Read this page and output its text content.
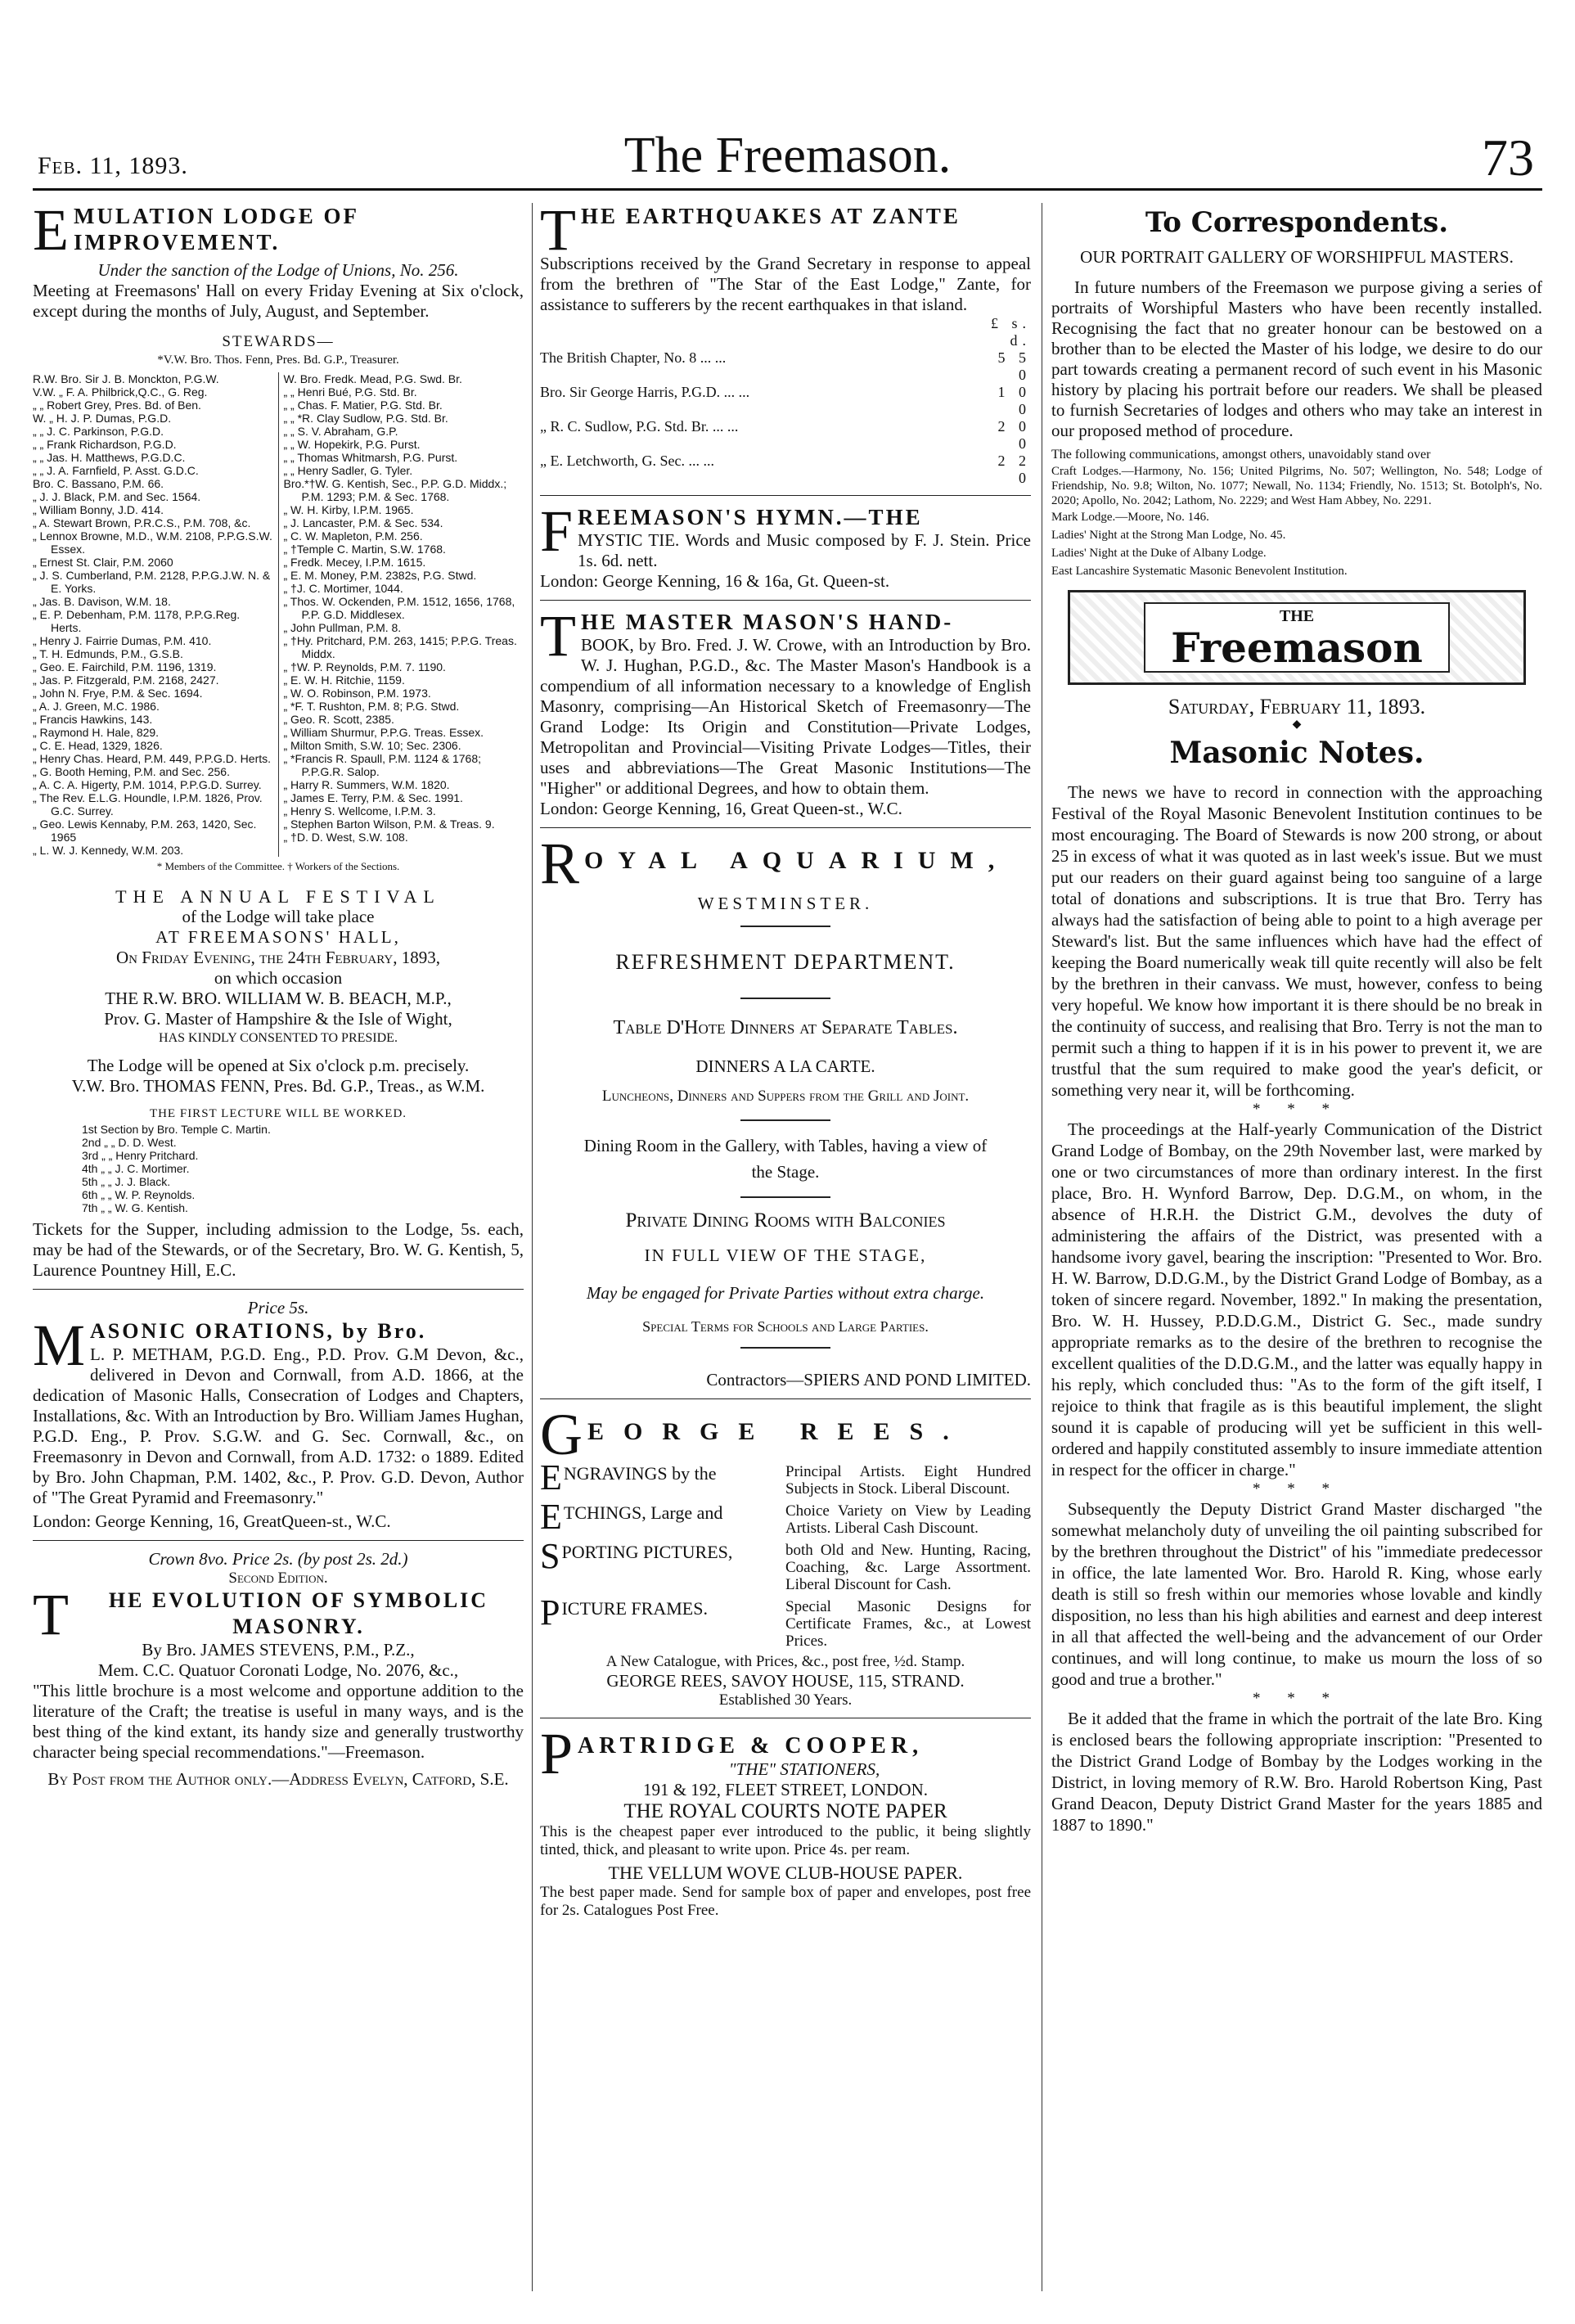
Feb. 11, 1893.	The Freemason.	73
E MULATION LODGE OF IMPROVEMENT.

Under the sanction of the Lodge of Unions, No. 256.

Meeting at Freemasons' Hall on every Friday Evening at Six o'clock, except during the months of July, August, and September.

STEWARDS—

*V.W. Bro. Thos. Fenn, Pres. Bd. G.P., Treasurer.

R.W. Bro. Sir J. B. Monckton, P.G.W.
V.W. „ F. A. Philbrick,Q.C., G. Reg.
„ „ Robert Grey, Pres. Bd. of Ben.
W. „ H. J. P. Dumas, P.G.D.
„ „ J. C. Parkinson, P.G.D.
„ „ Frank Richardson, P.G.D.
„ „ Jas. H. Matthews, P.G.D.C.
„ „ J. A. Farnfield, P. Asst. G.D.C.
Bro. C. Bassano, P.M. 66.
„ J. J. Black, P.M. and Sec. 1564.
„ William Bonny, J.D. 414.
„ A. Stewart Brown, P.R.C.S., P.M. 708, &c.
„ Lennox Browne, M.D., W.M. 2108, P.P.G.S.W. Essex.
„ Ernest St. Clair, P.M. 2060
„ J. S. Cumberland, P.M. 2128, P.P.G.J.W. N. & E. Yorks.
„ Jas. B. Davison, W.M. 18.
„ E. P. Debenham, P.M. 1178, P.P.G.Reg. Herts.
„ Henry J. Fairrie Dumas, P.M. 410.
„ T. H. Edmunds, P.M., G.S.B.
„ Geo. E. Fairchild, P.M. 1196, 1319.
„ Jas. P. Fitzgerald, P.M. 2168, 2427.
„ John N. Frye, P.M. & Sec. 1694.
„ A. J. Green, M.C. 1986.
„ Francis Hawkins, 143.
„ Raymond H. Hale, 829.
„ C. E. Head, 1329, 1826.
„ Henry Chas. Heard, P.M. 449, P.P.G.D. Herts.
„ G. Booth Heming, P.M. and Sec. 256.
„ A. C. A. Higerty, P.M. 1014, P.P.G.D. Surrey.
„ The Rev. E.L.G. Houndle, I.P.M. 1826, Prov. G.C. Surrey.
„ Geo. Lewis Kennaby, P.M. 263, 1420, Sec. 1965
„ L. W. J. Kennedy, W.M. 203.
W. Bro. Fredk. Mead, P.G. Swd. Br.
„ „ Henri Bué, P.G. Std. Br.
„ „ Chas. F. Matier, P.G. Std. Br.
„ „ *R. Clay Sudlow, P.G. Std. Br.
„ „ S. V. Abraham, G.P.
„ „ W. Hopekirk, P.G. Purst.
„ „ Thomas Whitmarsh, P.G. Purst.
„ „ Henry Sadler, G. Tyler.
Bro.*†W. G. Kentish, Sec., P.P. G.D. Middx.; P.M. 1293; P.M. & Sec. 1768.
„ W. H. Kirby, I.P.M. 1965.
„ J. Lancaster, P.M. & Sec. 534.
„ C. W. Mapleton, P.M. 256.
„ †Temple C. Martin, S.W. 1768.
„ Fredk. Mecey, I.P.M. 1615.
„ E. M. Money, P.M. 2382s, P.G. Stwd.
„ †J. C. Mortimer, 1044.
„ Thos. W. Ockenden, P.M. 1512, 1656, 1768, P.P. G.D. Middlesex.
„ John Pullman, P.M. 8.
„ †Hy. Pritchard, P.M. 263, 1415; P.P.G. Treas. Middx.
„ †W. P. Reynolds, P.M. 7. 1190.
„ E. W. H. Ritchie, 1159.
„ W. O. Robinson, P.M. 1973.
„ *F. T. Rushton, P.M. 8; P.G. Stwd.
„ Geo. R. Scott, 2385.
„ William Shurmur, P.P.G. Treas. Essex.
„ Milton Smith, S.W. 10; Sec. 2306.
„ *Francis R. Spaull, P.M. 1124 & 1768; P.P.G.R. Salop.
„ Harry R. Summers, W.M. 1820.
„ James E. Terry, P.M. & Sec. 1991.
„ Henry S. Wellcome, I.P.M. 3.
„ Stephen Barton Wilson, P.M. & Treas. 9.
„ †D. D. West, S.W. 108.

* Members of the Committee. † Workers of the Sections.

THE ANNUAL FESTIVAL

of the Lodge will take place

AT FREEMASONS' HALL,

On Friday Evening, the 24th February, 1893,

on which occasion

THE R.W. BRO. WILLIAM W. B. BEACH, M.P.,

Prov. G. Master of Hampshire & the Isle of Wight,

HAS KINDLY CONSENTED TO PRESIDE.

The Lodge will be opened at Six o'clock p.m. precisely.

V.W. Bro. THOMAS FENN, Pres. Bd. G.P., Treas., as W.M.

THE FIRST LECTURE WILL BE WORKED.

1st Section by Bro. Temple C. Martin.
2nd „ „ D. D. West.
3rd „ „ Henry Pritchard.
4th „ „ J. C. Mortimer.
5th „ „ J. J. Black.
6th „ „ W. P. Reynolds.
7th „ „ W. G. Kentish.

Tickets for the Supper, including admission to the Lodge, 5s. each, may be had of the Stewards, or of the Secretary, Bro. W. G. Kentish, 5, Laurence Pountney Hill, E.C.

Price 5s.

M ASONIC ORATIONS, by Bro.

L. P. METHAM, P.G.D. Eng., P.D. Prov. G.M Devon, &c., delivered in Devon and Cornwall, from A.D. 1866, at the dedication of Masonic Halls, Consecration of Lodges and Chapters, Installations, &c. With an Introduction by Bro. William James Hughan, P.G.D. Eng., P. Prov. S.G.W. and G. Sec. Cornwall, &c., on Freemasonry in Devon and Cornwall, from A.D. 1732: o 1889. Edited by Bro. John Chapman, P.M. 1402, &c., P. Prov. G.D. Devon, Author of "The Great Pyramid and Freemasonry."

London: George Kenning, 16, GreatQueen-st., W.C.

Crown 8vo. Price 2s. (by post 2s. 2d.)

Second Edition.

T	HE EVOLUTION OF SYMBOLIC MASONRY.

By Bro. JAMES STEVENS, P.M., P.Z.,

Mem. C.C. Quatuor Coronati Lodge, No. 2076, &c.,

"This little brochure is a most welcome and opportune addition to the literature of the Craft; the treatise is useful in many ways, and is the best thing of the kind extant, its handy size and generally trustworthy character being special recommendations."—Freemason.

By Post from the Author only.—Address Evelyn, Catford, S.E.

T HE EARTHQUAKES AT ZANTE

Subscriptions received by the Grand Secretary in response to appeal from the brethren of "The Star of the East Lodge," Zante, for assistance to sufferers by the recent earthquakes in that island.

£ s. d.
The British Chapter, No. 8 ... ...	5 5 0
Bro. Sir George Harris, P.G.D. ... ...	1 0 0
„ R. C. Sudlow, P.G. Std. Br. ... ...	2 0 0
„ E. Letchworth, G. Sec. ... ...	2 2 0
F REEMASON'S HYMN.—THE

MYSTIC TIE. Words and Music composed by F. J. Stein. Price 1s. 6d. nett.

London: George Kenning, 16 & 16a, Gt. Queen-st.

T HE MASTER MASON'S HAND-

BOOK, by Bro. Fred. J. W. Crowe, with an Introduction by Bro. W. J. Hughan, P.G.D., &c. The Master Mason's Handbook is a compendium of all information necessary to a knowledge of English Masonry, comprising—An Historical Sketch of Freemasonry—The Grand Lodge: Its Origin and Constitution—Private Lodges, Metropolitan and Provincial—Visiting Private Lodges—Titles, their uses and abbreviations—The Great Masonic Institutions—The "Higher" or additional Degrees, and how to obtain them.

London: George Kenning, 16, Great Queen-st., W.C.

R OYAL AQUARIUM,

WESTMINSTER.

REFRESHMENT DEPARTMENT.

Table D'Hote Dinners at Separate Tables.

DINNERS A LA CARTE.

Luncheons, Dinners and Suppers from the Grill and Joint.

Dining Room in the Gallery, with Tables, having a view of the Stage.

Private Dining Rooms with Balconies

IN FULL VIEW OF THE STAGE,

May be engaged for Private Parties without extra charge.

Special Terms for Schools and Large Parties.

Contractors—SPIERS AND POND LIMITED.

G EORGE REES.
ENGRAVINGS by the	Principal Artists. Eight Hundred Subjects in Stock. Liberal Discount.
ETCHINGS, Large and	Choice Variety on View by Leading Artists. Liberal Cash Discount.
SPORTING PICTURES,	both Old and New. Hunting, Racing, Coaching, &c. Large Assortment. Liberal Discount for Cash.
PICTURE FRAMES.	Special Masonic Designs for Certificate Frames, &c., at Lowest Prices.

A New Catalogue, with Prices, &c., post free, ½d. Stamp.

GEORGE REES, SAVOY HOUSE, 115, STRAND.

Established 30 Years.

P ARTRIDGE & COOPER,

"THE" STATIONERS,

191 & 192, FLEET STREET, LONDON.

THE ROYAL COURTS NOTE PAPER

This is the cheapest paper ever introduced to the public, it being slightly tinted, thick, and pleasant to write upon. Price 4s. per ream.

THE VELLUM WOVE CLUB-HOUSE PAPER.

The best paper made. Send for sample box of paper and envelopes, post free for 2s. Catalogues Post Free.

To Correspondents.

OUR PORTRAIT GALLERY OF WORSHIPFUL MASTERS.

In future numbers of the Freemason we purpose giving a series of portraits of Worshipful Masters who have been recently installed. Recognising the fact that no greater honour can be bestowed on a brother than to be elected the Master of his lodge, we desire to do our part towards creating a permanent record of such event in his Masonic history by placing his portrait before our readers. We shall be pleased to furnish Secretaries of lodges and others who may take an interest in our proposed method of procedure.

The following communications, amongst others, unavoidably stand over

Craft Lodges.—Harmony, No. 156; United Pilgrims, No. 507; Wellington, No. 548; Lodge of Friendship, No. 9.8; Wilton, No. 1077; Newall, No. 1134; Friendly, No. 1513; St. Botolph's, No. 2020; Apollo, No. 2042; Lathom, No. 2229; and West Ham Abbey, No. 2291.

Mark Lodge.—Moore, No. 146.

Ladies' Night at the Strong Man Lodge, No. 45.

Ladies' Night at the Duke of Albany Lodge.

East Lancashire Systematic Masonic Benevolent Institution.

THE
Freemason

Saturday, February 11, 1893.

◆

Masonic Notes.

The news we have to record in connection with the approaching Festival of the Royal Masonic Benevolent Institution continues to be most encouraging. The Board of Stewards is now 200 strong, or about 25 in excess of what it was quoted as in last week's issue. But we must put our readers on their guard against being too sanguine of a large total of donations and subscriptions. It is true that Bro. Terry has always had the satisfaction of being able to point to a high average per Steward's list. But the same influences which have had the effect of keeping the Board numerically weak till quite recently will also be felt by the brethren in their canvass. We must, however, confess to being very hopeful. We know how important it is there should be no break in the continuity of success, and realising that Bro. Terry is not the man to permit such a thing to happen if it is in his power to prevent it, we are trustful that the sum required to make good the year's deficit, or something very near it, will be forthcoming.

* * *

The proceedings at the Half-yearly Communication of the District Grand Lodge of Bombay, on the 29th November last, were marked by one or two circumstances of more than ordinary interest. In the first place, Bro. H. Wynford Barrow, Dep. D.G.M., on whom, in the absence of H.R.H. the District G.M., devolves the duty of administering the affairs of the District, was presented with a handsome ivory gavel, bearing the inscription: "Presented to Wor. Bro. H. W. Barrow, D.D.G.M., by the District Grand Lodge of Bombay, as a token of sincere regard. November, 1892." In making the presentation, Bro. W. H. Hussey, P.D.D.G.M., District G. Sec., made sundry appropriate remarks as to the desire of the brethren to recognise the excellent qualities of the D.D.G.M., and the latter was equally happy in his reply, which concluded thus: "As to the form of the gift itself, I rejoice to think that fragile as is this beautiful implement, the slight sound it is capable of producing will yet be sufficient in this well-ordered and happily constituted assembly to insure immediate attention in respect for the officer in charge."

* * *

Subsequently the Deputy District Grand Master discharged "the somewhat melancholy duty of unveiling the oil painting subscribed for by the brethren throughout the District" of his "immediate predecessor in office, the late lamented Wor. Bro. Harold R. King, whose early death is still so fresh within our memories whose lovable and kindly disposition, no less than his high abilities and earnest and deep interest in all that affected the well-being and the advancement of our Order continues, and will long continue, to make us mourn the loss of so good and true a brother."

* * *

Be it added that the frame in which the portrait of the late Bro. King is enclosed bears the following appropriate inscription: "Presented to the District Grand Lodge of Bombay by the Lodges working in the District, in loving memory of R.W. Bro. Harold Robertson King, Past Grand Deacon, Deputy District Grand Master for the years 1885 and 1887 to 1890."
